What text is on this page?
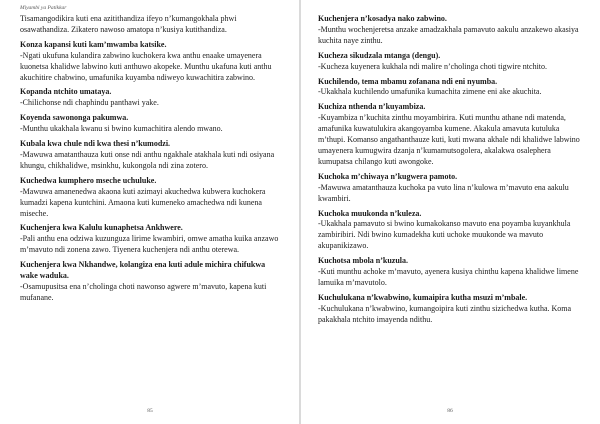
Miyambi ya Patikkar

Tisamangodikira kuti ena azitithandiza ifeyo n’kumangokhala phwi osawathandiza. Zikatero nawoso amatopa n’kusiya kutithandiza.

Konza kapansi kuti kam’mwamba katsike.

-Ngati ukufuna kulandira zabwino kuchokera kwa anthu enaake umayenera kuonetsa khalidwe labwino kuti anthuwo akopeke. Munthu ukafuna kuti anthu akuchitire chabwino, umafunika kuyamba ndiweyo kuwachitira zabwino.

Kopanda ntchito umataya.

-Chilichonse ndi chaphindu panthawi yake.

Koyenda sawononga pakumwa.

-Munthu ukakhala kwanu si bwino kumachitira alendo mwano.

Kubala kwa chule ndi kwa thesi n’kumodzi.

-Mawuwa amatanthauza kuti onse ndi anthu ngakhale atakhala kuti ndi osiyana khungu, chikhalidwe, msinkhu, kukongola ndi zina zotero.

Kuchedwa kumphero mseche uchuluke.

-Mawuwa amanenedwa akaona kuti azimayi akuchedwa kubwera kuchokera kumadzi kapena kuntchini. Amaona kuti kumeneko amachedwa ndi kunena miseche.

Kuchenjera kwa Kalulu kunaphetsa Ankhwere.

-Pali anthu ena odziwa kuzunguza lirime kwambiri, omwe amatha kuika anzawo m’mavuto ndi zonena zawo. Tiyenera kuchenjera ndi anthu oterewa.

Kuchenjera kwa Nkhandwe, kolangiza ena kuti adule michira chifukwa wake waduka.

-Osamupusitsa ena n’cholinga choti nawonso agwere m’mavuto, kapena kuti mufanane.

85

Kuchenjera n’kosadya nako zabwino.

-Munthu wochenjeretsa anzake amadzakhala pamavuto aakulu anzakewo akasiya kuchita naye zinthu.

Kucheza sikudzala mtanga (dengu).

-Kucheza kuyenera kukhala ndi malire n’cholinga choti tigwire ntchito.

Kuchilendo, tema mbamu zofanana ndi eni nyumba.

-Ukakhala kuchilendo umafunika kumachita zimene eni ake akuchita.

Kuchiza nthenda n’kuyambiza.

-Kuyambiza n’kuchita zinthu moyambirira. Kuti munthu athane ndi matenda, amafunika kuwatulukira akangoyamba kumene. Akakula amavuta kutuluka m’thupi. Komanso angathanthauze kuti, kuti mwana akhale ndi khalidwe labwino umayenera kumugwira dzanja n’kumamutsogolera, akalakwa osalephera kumupatsa chilango kuti awongoke.

Kuchoka m’chiwaya n’kugwera pamoto.

-Mawuwa amatanthauza kuchoka pa vuto lina n’kulowa m’mavuto ena aakulu kwambiri.

Kuchoka muukonda n’kuleza.

-Ukakhala pamavuto si bwino kumakokanso mavuto ena poyamba kuyankhula zambiribiri. Ndi bwino kumadekha kuti uchoke muukonde wa mavuto akupanikizawo.

Kuchotsa mbola n’kuzula.

-Kuti munthu achoke m’mavuto, ayenera kusiya chinthu kapena khalidwe limene lamuika m’mavutolo.

Kuchulukana n’kwabwino, kumaipira kutha msuzi m’mbale.

-Kuchulukana n’kwabwino, kumangoipira kuti zinthu sizichedwa kutha. Koma pakakhala ntchito imayenda ndithu.

86
